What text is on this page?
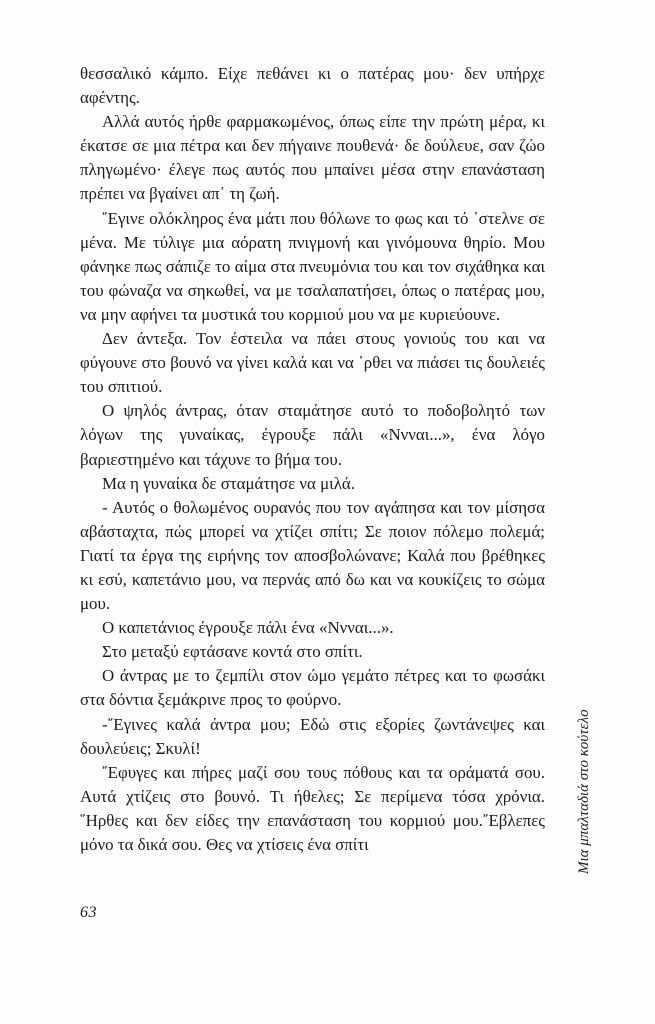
θεσσαλικό κάμπο. Είχε πεθάνει κι ο πατέρας μου· δεν υπήρχε αφέντης.

Αλλά αυτός ήρθε φαρμακωμένος, όπως είπε την πρώτη μέρα, κι έκατσε σε μια πέτρα και δεν πήγαινε πουθενά· δε δούλευε, σαν ζώο πληγωμένο· έλεγε πως αυτός που μπαίνει μέσα στην επανάσταση πρέπει να βγαίνει απ᾽ τη ζωή.

῎Εγινε ολόκληρος ένα μάτι που θόλωνε το φως και τό ᾽στελνε σε μένα. Με τύλιγε μια αόρατη πνιγμονή και γινόμουνα θηρίο. Μου φάνηκε πως σάπιζε το αίμα στα πνευμόνια του και τον σιχάθηκα και του φώναζα να σηκωθεί, να με τσαλαπατήσει, όπως ο πατέρας μου, να μην αφήνει τα μυστικά του κορμιού μου να με κυριεύουνε.

Δεν άντεξα. Τον έστειλα να πάει στους γονιούς του και να φύγουνε στο βουνό να γίνει καλά και να ᾽ρθει να πιάσει τις δουλειές του σπιτιού.

Ο ψηλός άντρας, όταν σταμάτησε αυτό το ποδοβολητό των λόγων της γυναίκας, έγρουξε πάλι «Ννναι...», ένα λόγο βαριεστημένο και τάχυνε το βήμα του.

Μα η γυναίκα δε σταμάτησε να μιλά.

- Αυτός ο θολωμένος ουρανός που τον αγάπησα και τον μίσησα αβάσταχτα, πώς μπορεί να χτίζει σπίτι; Σε ποιον πόλεμο πολεμά; Γιατί τα έργα της ειρήνης τον αποσβολώνανε; Καλά που βρέθηκες κι εσύ, καπετάνιο μου, να περνάς από δω και να κουκίζεις το σώμα μου.

Ο καπετάνιος έγρουξε πάλι ένα «Ννναι...».

Στο μεταξύ εφτάσανε κοντά στο σπίτι.

Ο άντρας με το ζεμπίλι στον ώμο γεμάτο πέτρες και το φωσάκι στα δόντια ξεμάκρινε προς το φούρνο.

-῎Εγινες καλά άντρα μου; Εδώ στις εξορίες ζωντάνεψες και δουλεύεις; Σκυλί!

῎Εφυγες και πήρες μαζί σου τους πόθους και τα οράματά σου. Αυτά χτίζεις στο βουνό. Τι ήθελες; Σε περίμενα τόσα χρόνια. ῞Ηρθες και δεν είδες την επανάσταση του κορμιού μου.῎Εβλεπες μόνο τα δικά σου. Θες να χτίσεις ένα σπίτι

63
Μια μπαλταδιά στο κούτελο
